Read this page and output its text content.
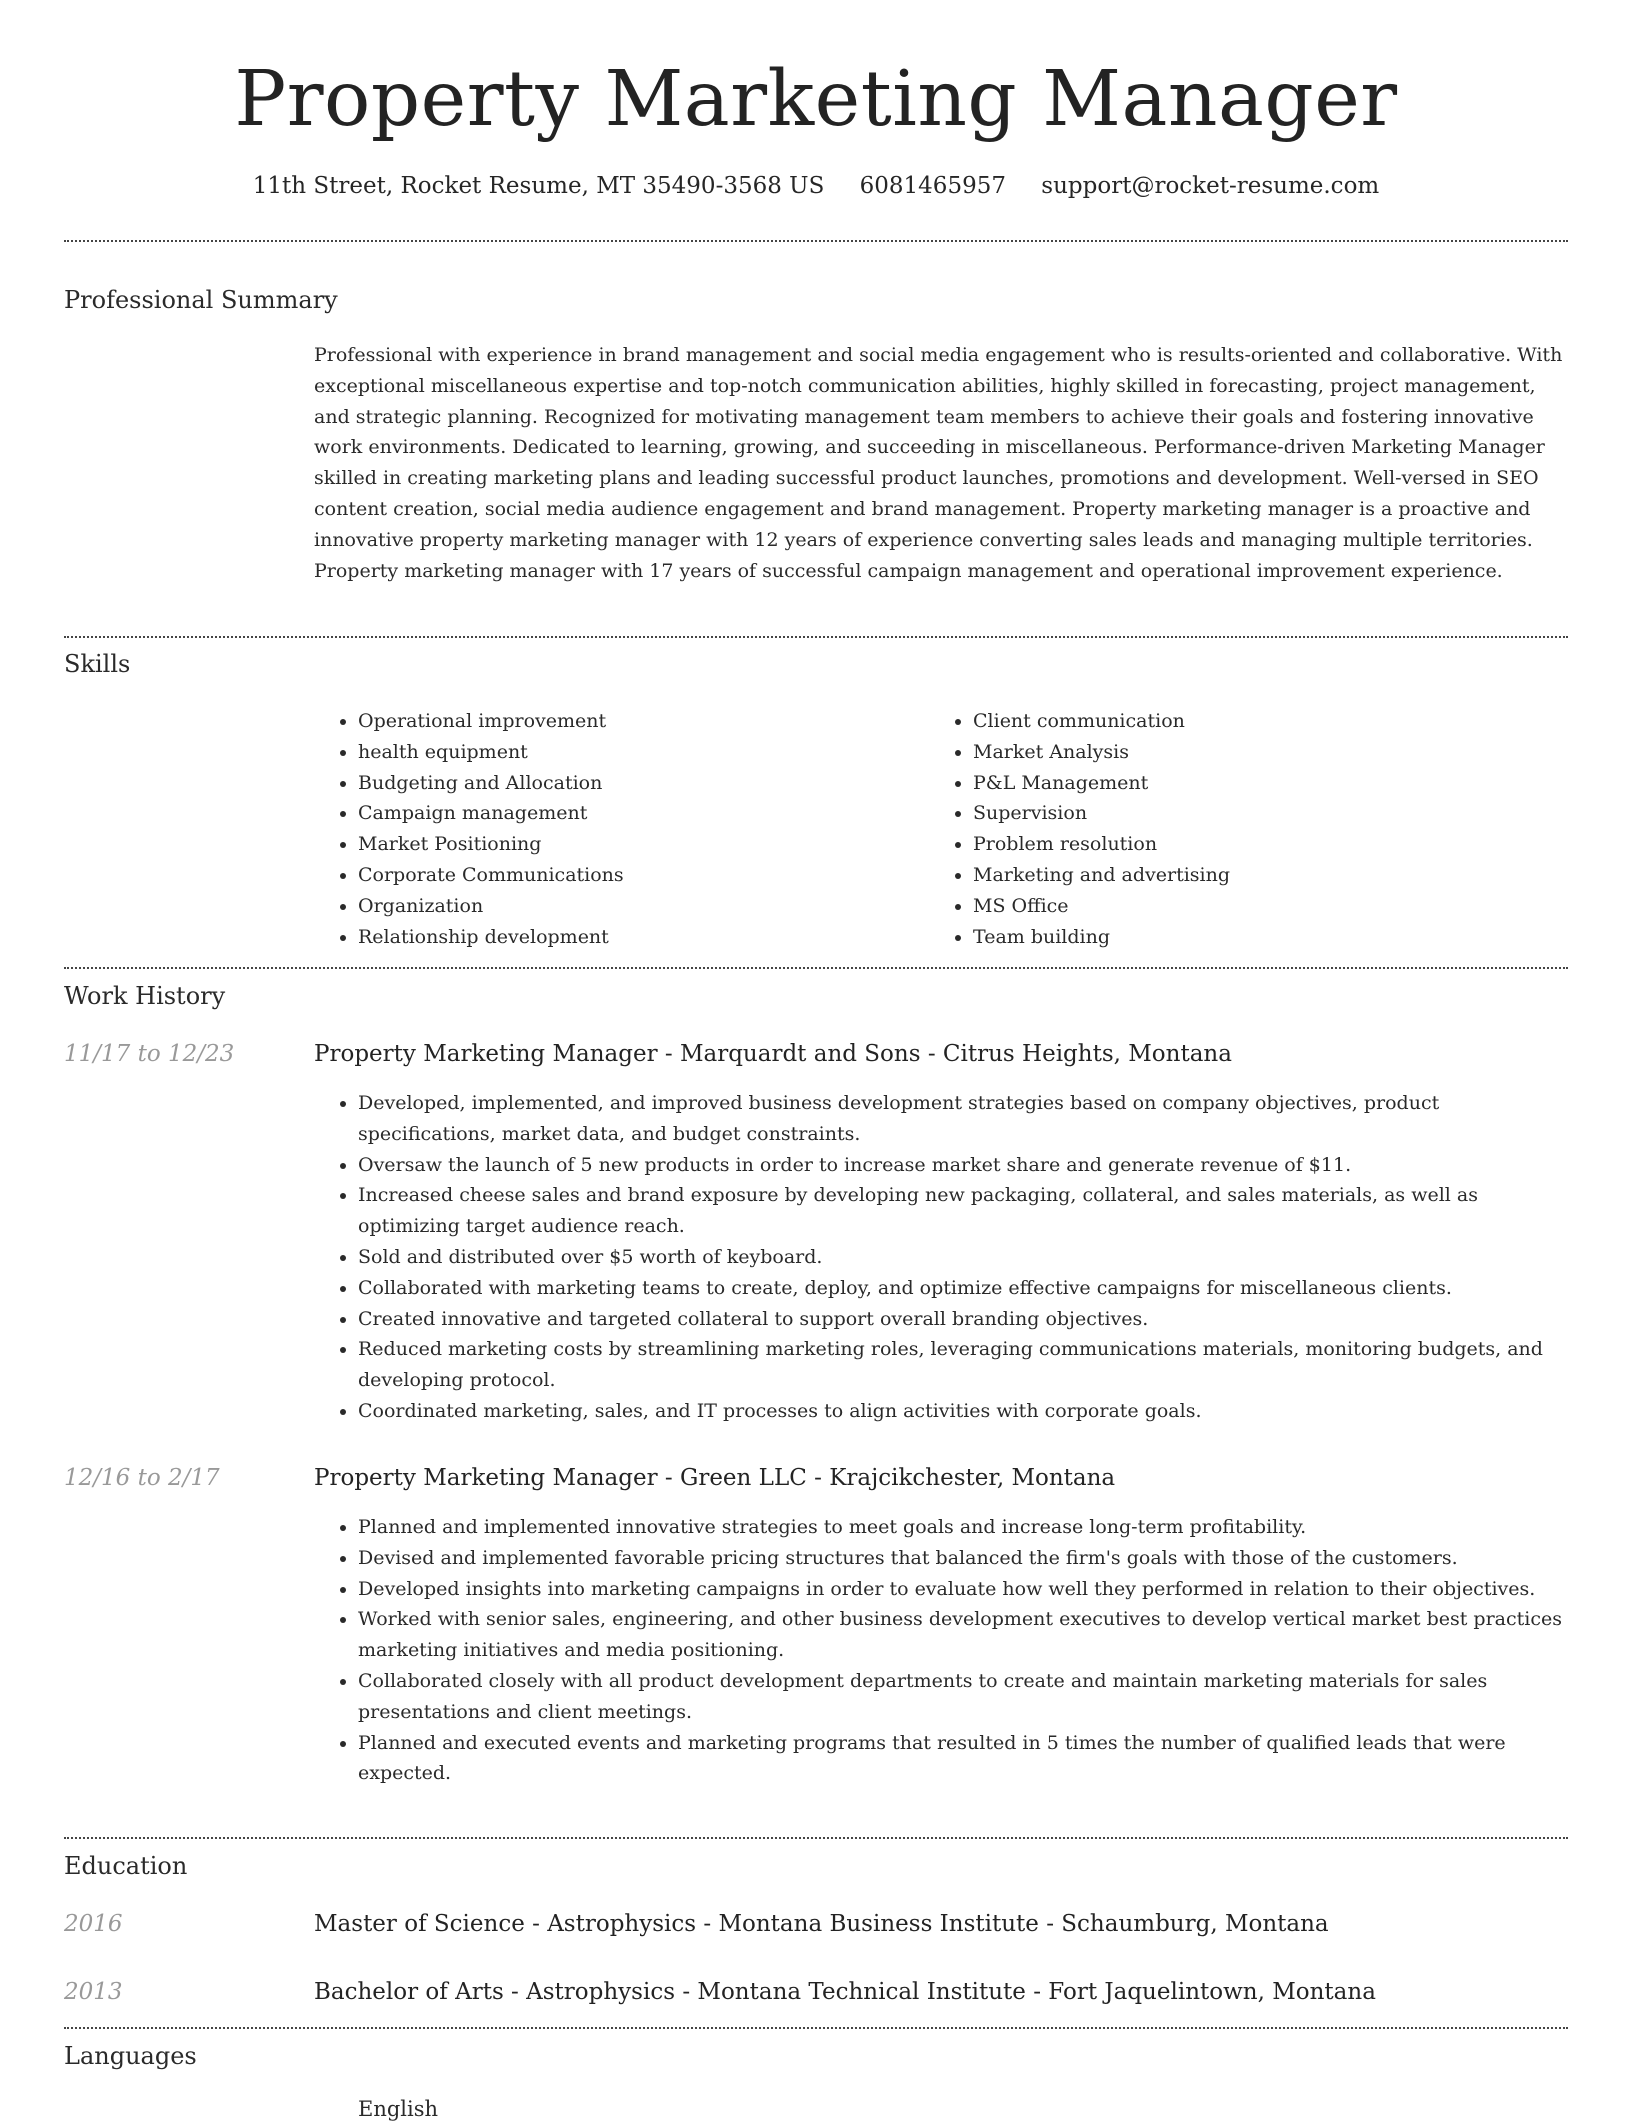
Property Marketing Manager
11th Street, Rocket Resume, MT 35490-3568 US 6081465957 support@rocket-resume.com
Professional Summary

Professional with experience in brand management and social media engagement who is results-oriented and collaborative. With exceptional miscellaneous expertise and top-notch communication abilities, highly skilled in forecasting, project management, and strategic planning. Recognized for motivating management team members to achieve their goals and fostering innovative work environments. Dedicated to learning, growing, and succeeding in miscellaneous. Performance-driven Marketing Manager skilled in creating marketing plans and leading successful product launches, promotions and development. Well-versed in SEO content creation, social media audience engagement and brand management. Property marketing manager is a proactive and innovative property marketing manager with 12 years of experience converting sales leads and managing multiple territories. Property marketing manager with 17 years of successful campaign management and operational improvement experience.

Skills
• Operational improvement
• health equipment
• Budgeting and Allocation
• Campaign management
• Market Positioning
• Corporate Communications
• Organization
• Relationship development
• Client communication
• Market Analysis
• P&L Management
• Supervision
• Problem resolution
• Marketing and advertising
• MS Office
• Team building
Work History
11/17 to 12/23	Property Marketing Manager - Marquardt and Sons - Citrus Heights, Montana
• Developed, implemented, and improved business development strategies based on company objectives, product specifications, market data, and budget constraints.
• Oversaw the launch of 5 new products in order to increase market share and generate revenue of $11.
• Increased cheese sales and brand exposure by developing new packaging, collateral, and sales materials, as well as optimizing target audience reach.
• Sold and distributed over $5 worth of keyboard.
• Collaborated with marketing teams to create, deploy, and optimize effective campaigns for miscellaneous clients.
• Created innovative and targeted collateral to support overall branding objectives.
• Reduced marketing costs by streamlining marketing roles, leveraging communications materials, monitoring budgets, and developing protocol.
• Coordinated marketing, sales, and IT processes to align activities with corporate goals.
12/16 to 2/17	Property Marketing Manager - Green LLC - Krajcikchester, Montana
• Planned and implemented innovative strategies to meet goals and increase long-term profitability.
• Devised and implemented favorable pricing structures that balanced the firm's goals with those of the customers.
• Developed insights into marketing campaigns in order to evaluate how well they performed in relation to their objectives.
• Worked with senior sales, engineering, and other business development executives to develop vertical market best practices marketing initiatives and media positioning.
• Collaborated closely with all product development departments to create and maintain marketing materials for sales presentations and client meetings.
• Planned and executed events and marketing programs that resulted in 5 times the number of qualified leads that were expected.
Education
2016	Master of Science - Astrophysics - Montana Business Institute - Schaumburg, Montana
2013	Bachelor of Arts - Astrophysics - Montana Technical Institute - Fort Jaquelintown, Montana
Languages
English
